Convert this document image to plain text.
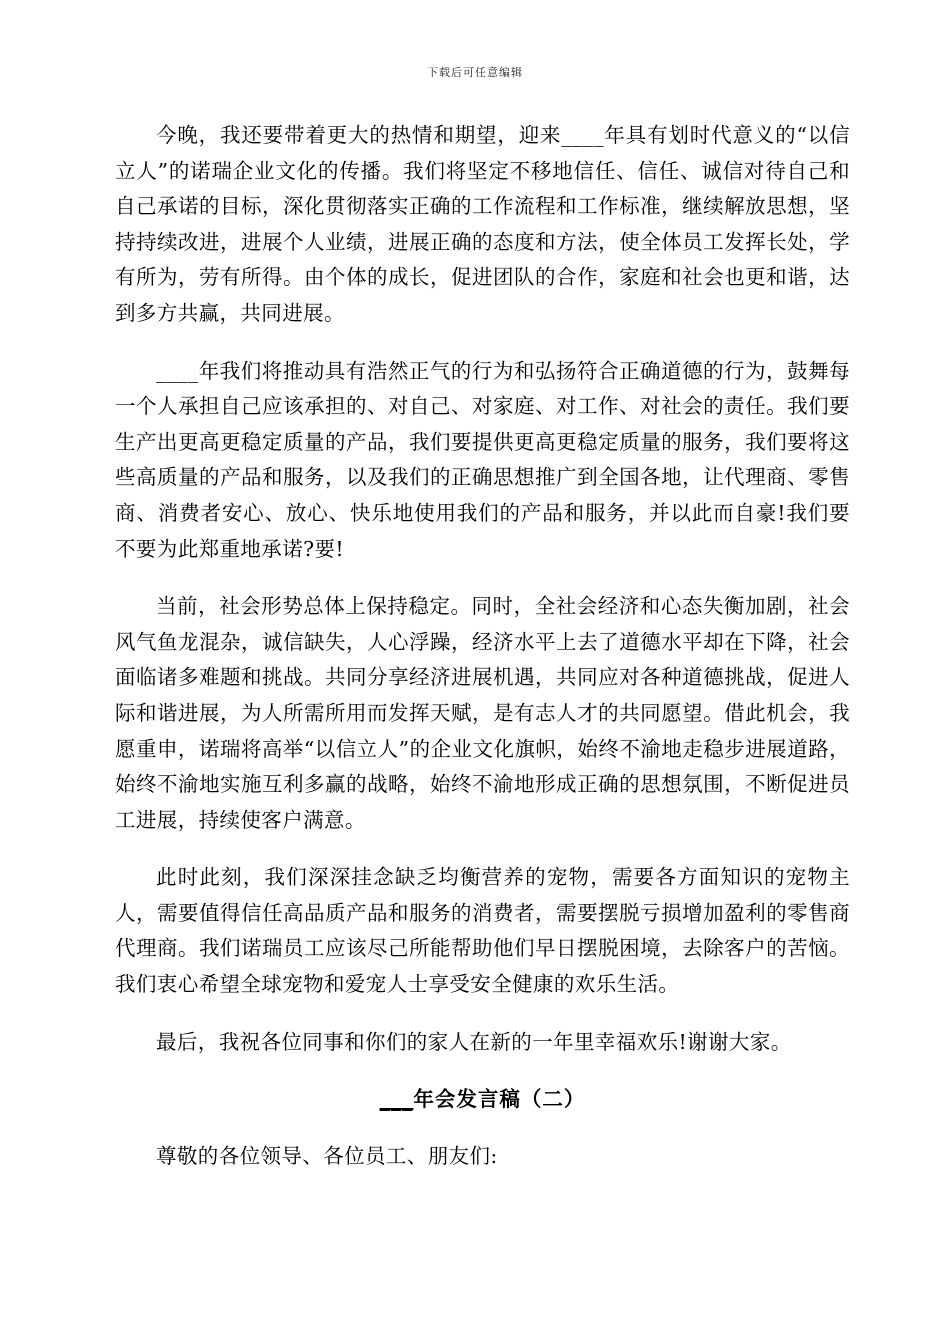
下载后可任意编辑

今晚，我还要带着更大的热情和期望，迎来____年具有划时代意义的“以信立人”的诺瑞企业文化的传播。我们将坚定不移地信任、信任、诚信对待自己和自己承诺的目标，深化贯彻落实正确的工作流程和工作标准，继续解放思想，坚持持续改进，进展个人业绩，进展正确的态度和方法，使全体员工发挥长处，学有所为，劳有所得。由个体的成长，促进团队的合作，家庭和社会也更和谐，达到多方共赢，共同进展。

____年我们将推动具有浩然正气的行为和弘扬符合正确道德的行为，鼓舞每一个人承担自己应该承担的、对自己、对家庭、对工作、对社会的责任。我们要生产出更高更稳定质量的产品，我们要提供更高更稳定质量的服务，我们要将这些高质量的产品和服务，以及我们的正确思想推广到全国各地，让代理商、零售商、消费者安心、放心、快乐地使用我们的产品和服务，并以此而自豪!我们要不要为此郑重地承诺?要!

当前，社会形势总体上保持稳定。同时，全社会经济和心态失衡加剧，社会风气鱼龙混杂，诚信缺失，人心浮躁，经济水平上去了道德水平却在下降，社会面临诸多难题和挑战。共同分享经济进展机遇，共同应对各种道德挑战，促进人际和谐进展，为人所需所用而发挥天赋，是有志人才的共同愿望。借此机会，我愿重申，诺瑞将高举“以信立人”的企业文化旗帜，始终不渝地走稳步进展道路，始终不渝地实施互利多赢的战略，始终不渝地形成正确的思想氛围，不断促进员工进展，持续使客户满意。

此时此刻，我们深深挂念缺乏均衡营养的宠物，需要各方面知识的宠物主人，需要值得信任高品质产品和服务的消费者，需要摆脱亏损增加盈利的零售商代理商。我们诺瑞员工应该尽己所能帮助他们早日摆脱困境，去除客户的苦恼。我们衷心希望全球宠物和爱宠人士享受安全健康的欢乐生活。

最后，我祝各位同事和你们的家人在新的一年里幸福欢乐!谢谢大家。

___年会发言稿（二）

尊敬的各位领导、各位员工、朋友们:
